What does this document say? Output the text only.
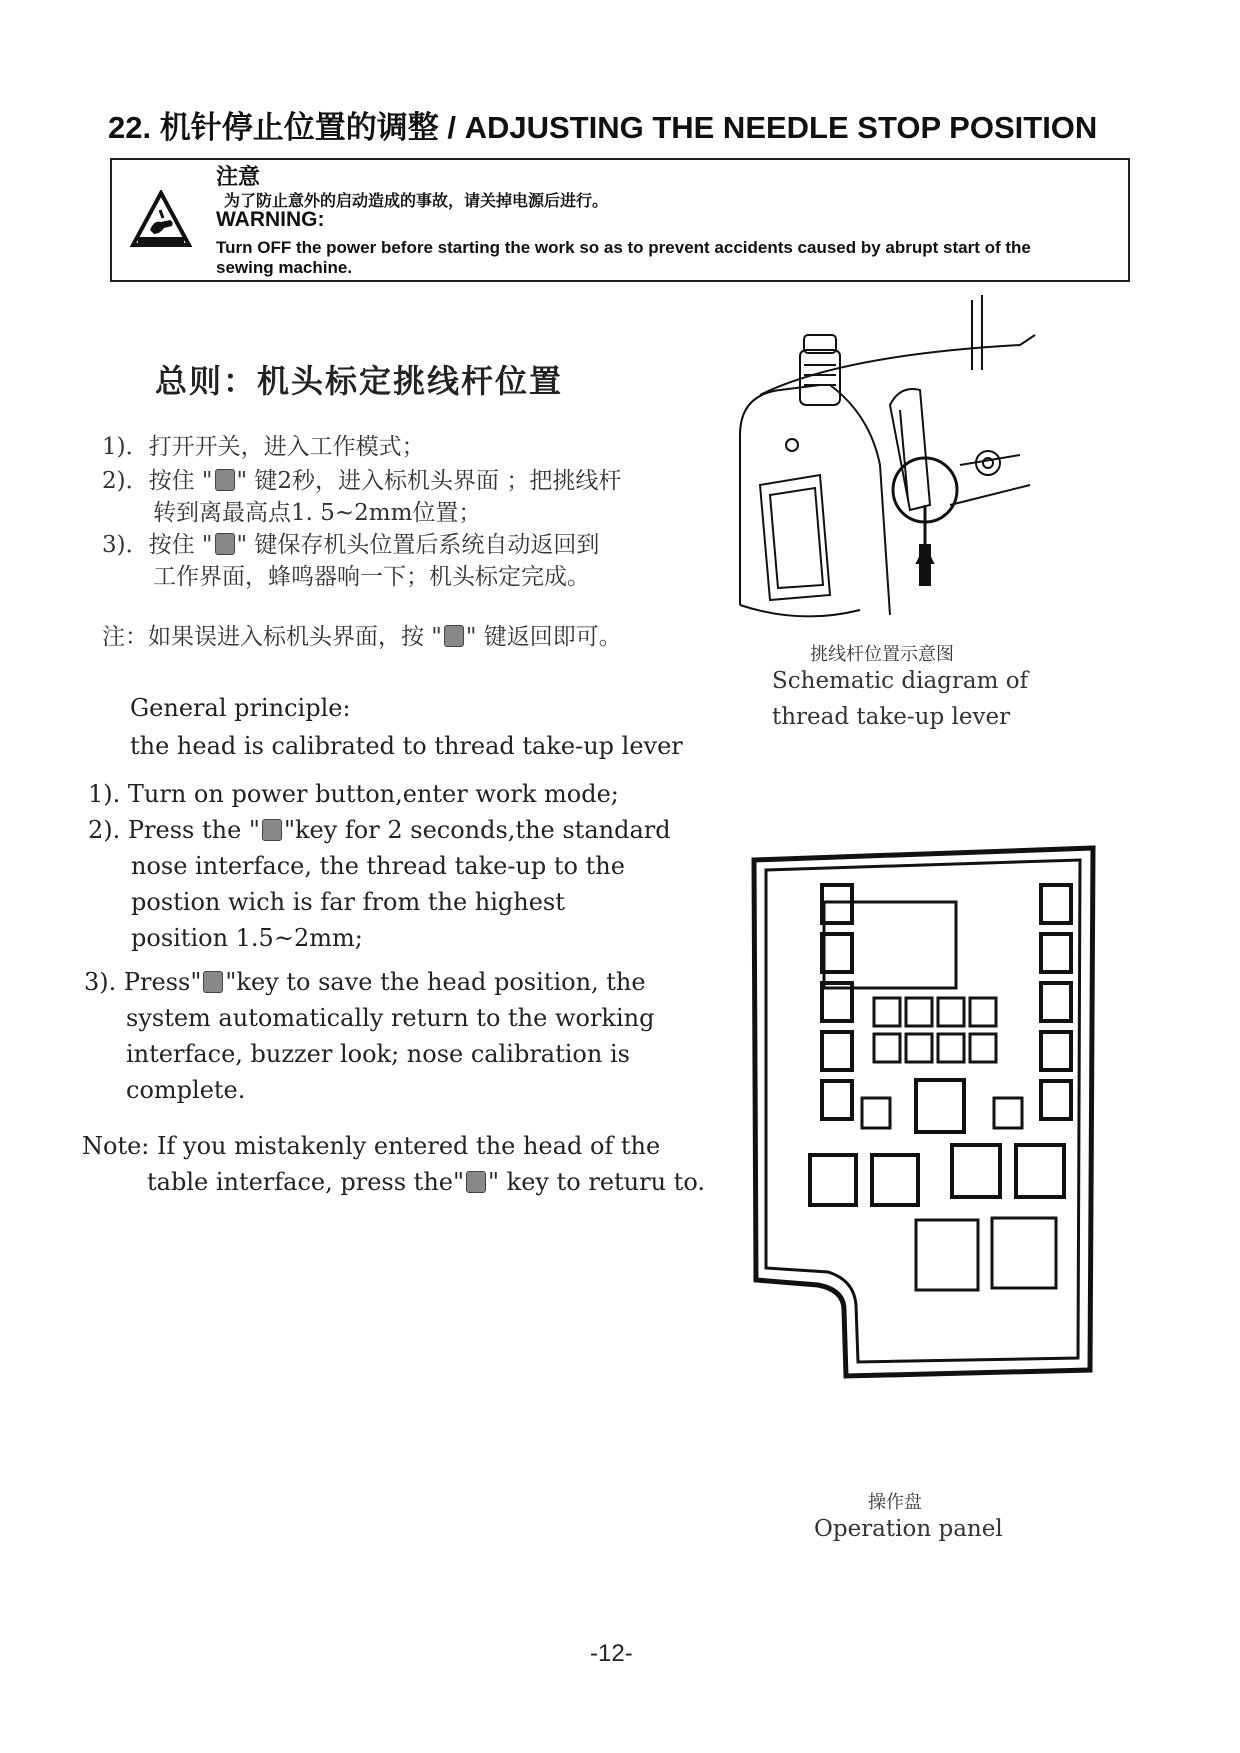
22. 机针停止位置的调整 / ADJUSTING THE NEEDLE STOP POSITION
注意
为了防止意外的启动造成的事故，请关掉电源后进行。
WARNING:
Turn OFF the power before starting the work so as to prevent accidents caused by abrupt start of the
sewing machine.
总则：机头标定挑线杆位置
1)．打开开关，进入工作模式；
2)．按住 " " 键2秒，进入标机头界面 ；把挑线杆
转到离最高点1. 5~2mm位置；
3)．按住 " " 键保存机头位置后系统自动返回到
工作界面，蜂鸣器响一下；机头标定完成。
注：如果误进入标机头界面，按 " " 键返回即可。
General principle:
the head is calibrated to thread take-up lever
1). Turn on power button,enter work mode;
2). Press the " "key for 2 seconds,the standard
nose interface, the thread take-up to the
postion wich is far from the highest
position 1.5~2mm;
3). Press" "key to save the head position, the
system automatically return to the working
interface, buzzer look; nose calibration is
complete.
Note: If you mistakenly entered the head of the
table interface, press the" " key to returu to.
挑线杆位置示意图
Schematic diagram of
thread take-up lever
操作盘
Operation panel
-12-
